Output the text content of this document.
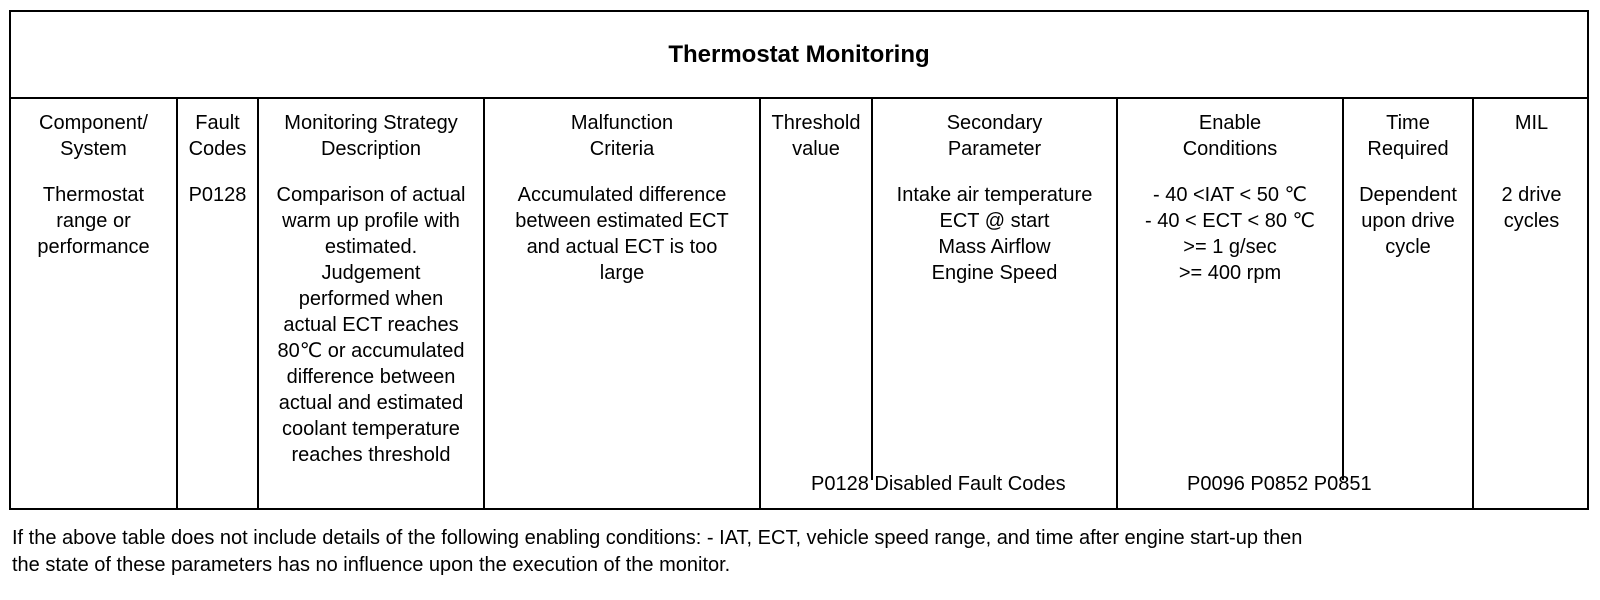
Thermostat Monitoring
Component/
System
Fault
Codes
Monitoring Strategy
Description
Malfunction
Criteria
Threshold
value
Secondary
Parameter
Enable
Conditions
Time
Required
MIL
Thermostat
range or
performance
P0128	Comparison of actual
warm up profile with
estimated.
Judgement
performed when
actual ECT reaches
80℃ or accumulated
difference between
actual and estimated
coolant temperature
reaches threshold
Accumulated difference
between estimated ECT
and actual ECT is too
large
Intake air temperature
ECT @ start
Mass Airflow
Engine Speed
- 40 <IAT < 50 ℃
- 40 < ECT < 80 ℃
>= 1 g/sec
>= 400 rpm
Dependent
upon drive
cycle
2 drive
cycles
P0128 Disabled Fault Codes	P0096 P0852 P0851
If the above table does not include details of the following enabling conditions: - IAT, ECT, vehicle speed range, and time after engine start-up then
the state of these parameters has no influence upon the execution of the monitor.
